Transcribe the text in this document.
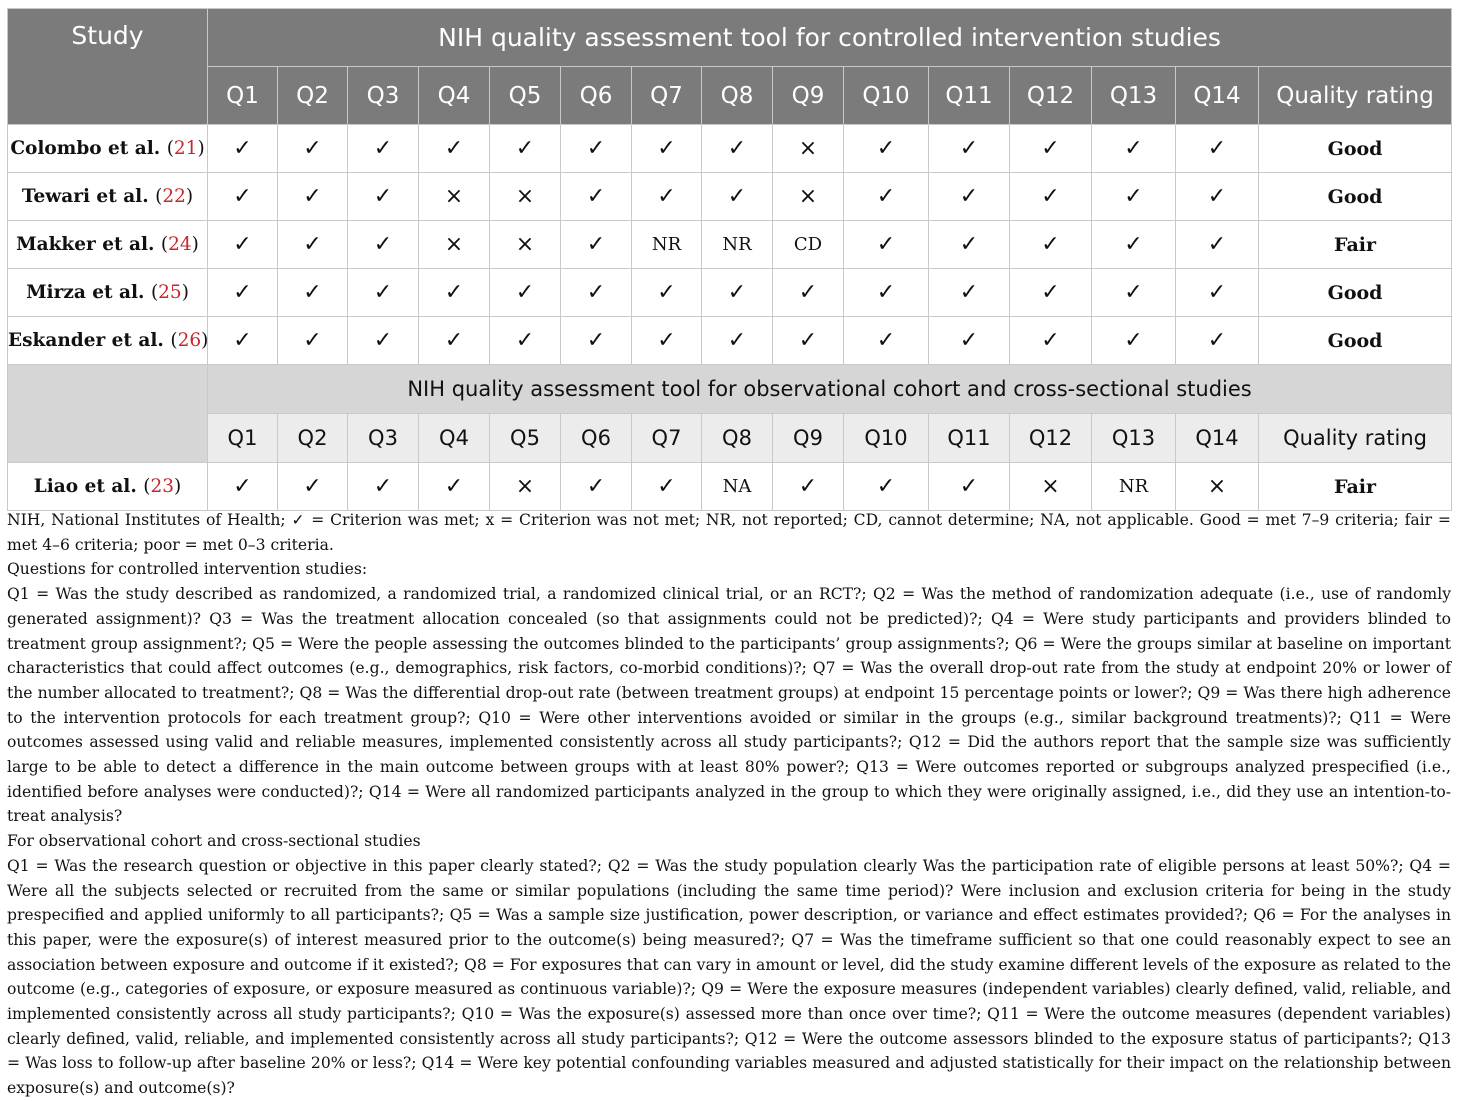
Study	NIH quality assessment tool for controlled intervention studies														
	Q1	Q2	Q3	Q4	Q5	Q6	Q7	Q8	Q9	Q10	Q11	Q12	Q13	Q14	Quality rating
Colombo et al. (21)	✓	✓	✓	✓	✓	✓	✓	✓	×	✓	✓	✓	✓	✓	Good
Tewari et al. (22)	✓	✓	✓	×	×	✓	✓	✓	×	✓	✓	✓	✓	✓	Good
Makker et al. (24)	✓	✓	✓	×	×	✓	NR	NR	CD	✓	✓	✓	✓	✓	Fair
Mirza et al. (25)	✓	✓	✓	✓	✓	✓	✓	✓	✓	✓	✓	✓	✓	✓	Good
Eskander et al. (26)	✓	✓	✓	✓	✓	✓	✓	✓	✓	✓	✓	✓	✓	✓	Good
	NIH quality assessment tool for observational cohort and cross-sectional studies														
	Q1	Q2	Q3	Q4	Q5	Q6	Q7	Q8	Q9	Q10	Q11	Q12	Q13	Q14	Quality rating
Liao et al. (23)	✓	✓	✓	✓	×	✓	✓	NA	✓	✓	✓	×	NR	×	Fair

NIH, National Institutes of Health; ✓ = Criterion was met; x = Criterion was not met; NR, not reported; CD, cannot determine; NA, not applicable. Good = met 7–9 criteria; fair = met 4–6 criteria; poor = met 0–3 criteria.

Questions for controlled intervention studies:

Q1 = Was the study described as randomized, a randomized trial, a randomized clinical trial, or an RCT?; Q2 = Was the method of randomization adequate (i.e., use of randomly generated assignment)? Q3 = Was the treatment allocation concealed (so that assignments could not be predicted)?; Q4 = Were study participants and providers blinded to treatment group assignment?; Q5 = Were the people assessing the outcomes blinded to the participants’ group assignments?; Q6 = Were the groups similar at baseline on important characteristics that could affect outcomes (e.g., demographics, risk factors, co-morbid conditions)?; Q7 = Was the overall drop-out rate from the study at endpoint 20% or lower of the number allocated to treatment?; Q8 = Was the differential drop-out rate (between treatment groups) at endpoint 15 percentage points or lower?; Q9 = Was there high adherence to the intervention protocols for each treatment group?; Q10 = Were other interventions avoided or similar in the groups (e.g., similar background treatments)?; Q11 = Were outcomes assessed using valid and reliable measures, implemented consistently across all study participants?; Q12 = Did the authors report that the sample size was sufficiently large to be able to detect a difference in the main outcome between groups with at least 80% power?; Q13 = Were outcomes reported or subgroups analyzed prespecified (i.e., identified before analyses were conducted)?; Q14 = Were all randomized participants analyzed in the group to which they were originally assigned, i.e., did they use an intention-to-treat analysis?

For observational cohort and cross-sectional studies

Q1 = Was the research question or objective in this paper clearly stated?; Q2 = Was the study population clearly Was the participation rate of eligible persons at least 50%?; Q4 = Were all the subjects selected or recruited from the same or similar populations (including the same time period)? Were inclusion and exclusion criteria for being in the study prespecified and applied uniformly to all participants?; Q5 = Was a sample size justification, power description, or variance and effect estimates provided?; Q6 = For the analyses in this paper, were the exposure(s) of interest measured prior to the outcome(s) being measured?; Q7 = Was the timeframe sufficient so that one could reasonably expect to see an association between exposure and outcome if it existed?; Q8 = For exposures that can vary in amount or level, did the study examine different levels of the exposure as related to the outcome (e.g., categories of exposure, or exposure measured as continuous variable)?; Q9 = Were the exposure measures (independent variables) clearly defined, valid, reliable, and implemented consistently across all study participants?; Q10 = Was the exposure(s) assessed more than once over time?; Q11 = Were the outcome measures (dependent variables) clearly defined, valid, reliable, and implemented consistently across all study participants?; Q12 = Were the outcome assessors blinded to the exposure status of participants?; Q13 = Was loss to follow-up after baseline 20% or less?; Q14 = Were key potential confounding variables measured and adjusted statistically for their impact on the relationship between exposure(s) and outcome(s)?
